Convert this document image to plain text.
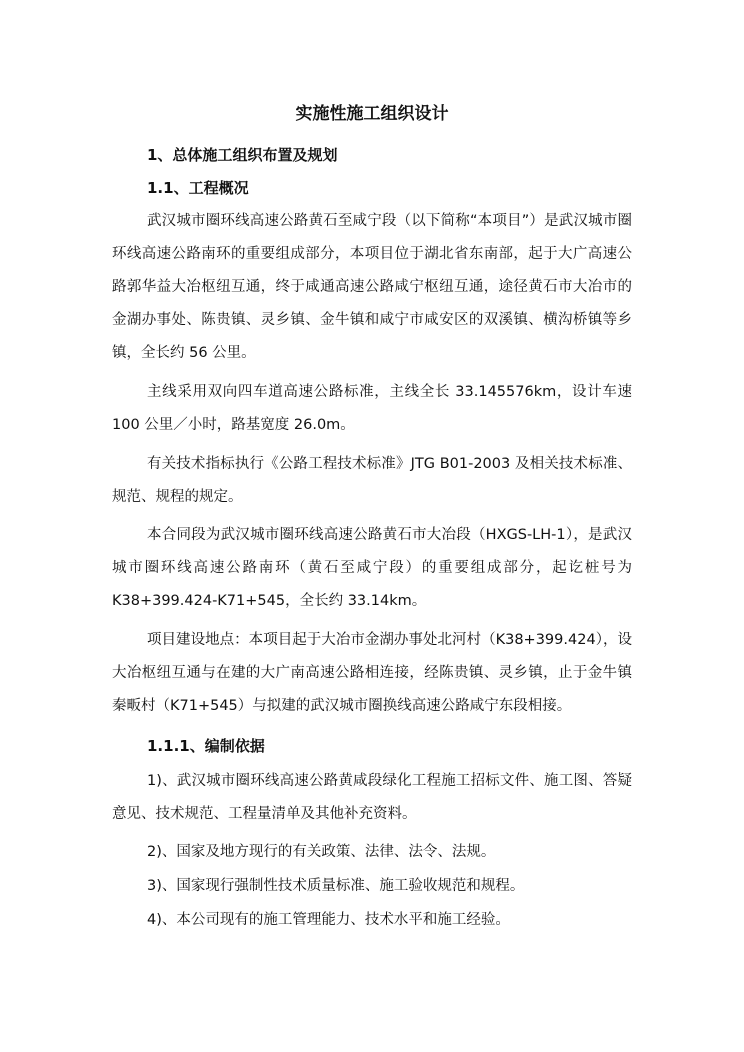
实施性施工组织设计
1、总体施工组织布置及规划
1.1、工程概况
武汉城市圈环线高速公路黄石至咸宁段（以下简称“本项目”）是武汉城市圈
环线高速公路南环的重要组成部分，本项目位于湖北省东南部，起于大广高速公
路郭华益大冶枢纽互通，终于咸通高速公路咸宁枢纽互通，途径黄石市大冶市的
金湖办事处、陈贵镇、灵乡镇、金牛镇和咸宁市咸安区的双溪镇、横沟桥镇等乡
镇，全长约 56 公里。
主线采用双向四车道高速公路标准，主线全长 33.145576km，设计车速
100 公里／小时，路基宽度 26.0m。
有关技术指标执行《公路工程技术标准》JTG B01-2003 及相关技术标准、
规范、规程的规定。
本合同段为武汉城市圈环线高速公路黄石市大冶段（HXGS-LH-1），是武汉
城市圈环线高速公路南环（黄石至咸宁段）的重要组成部分，起讫桩号为
K38+399.424-K71+545，全长约 33.14km。
项目建设地点：本项目起于大冶市金湖办事处北河村（K38+399.424），设
大冶枢纽互通与在建的大广南高速公路相连接，经陈贵镇、灵乡镇，止于金牛镇
秦畈村（K71+545）与拟建的武汉城市圈换线高速公路咸宁东段相接。
1.1.1、编制依据
1)、武汉城市圈环线高速公路黄咸段绿化工程施工招标文件、施工图、答疑
意见、技术规范、工程量清单及其他补充资料。
2)、国家及地方现行的有关政策、法律、法令、法规。
3)、国家现行强制性技术质量标准、施工验收规范和规程。
4)、本公司现有的施工管理能力、技术水平和施工经验。
